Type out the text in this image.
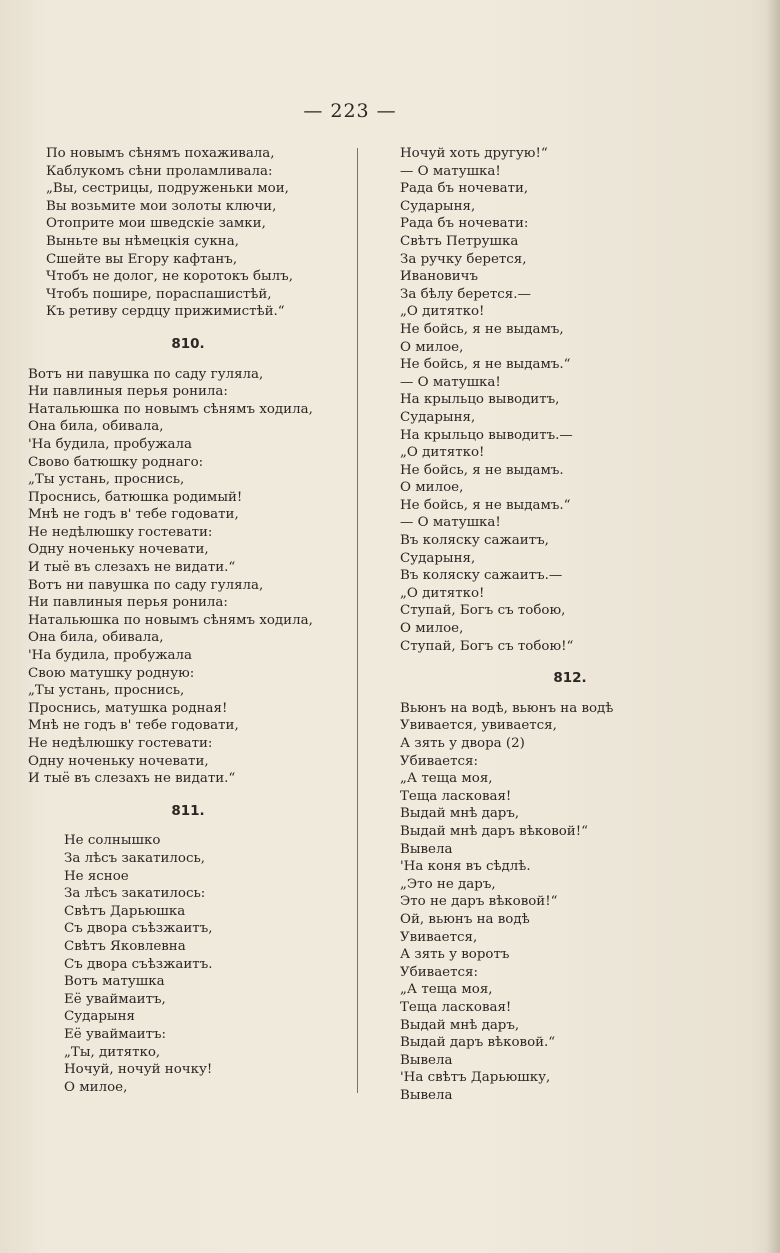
— 223 —
По новымъ сѣнямъ похаживала,
Каблукомъ сѣни проламливала:
„Вы, сестрицы, подруженьки мои,
Вы возьмите мои золоты ключи,
Отоприте мои шведскіе замки,
Выньте вы нѣмецкія сукна,
Сшейте вы Егору кафтанъ,
Чтобъ не долог, не коротокъ былъ,
Чтобъ пошире, пораспашистѣй,
Къ ретиву сердцу прижимистѣй.“
810.
Вотъ ни павушка по саду гуляла,
Ни павлиныя перья ронила:
Натальюшка по новымъ сѣнямъ ходила,
Она била, обивала,
'На будила, пробужала
Свово батюшку роднаго:
„Ты устань, проснись,
Проснись, батюшка родимый!
Мнѣ не годъ в' тебе годовати,
Не недѣлюшку гостевати:
Одну ноченьку ночевати,
И тыё въ слезахъ не видати.“
Вотъ ни павушка по саду гуляла,
Ни павлиныя перья ронила:
Натальюшка по новымъ сѣнямъ ходила,
Она била, обивала,
'На будила, пробужала
Свою матушку родную:
„Ты устань, проснись,
Проснись, матушка родная!
Мнѣ не годъ в' тебе годовати,
Не недѣлюшку гостевати:
Одну ноченьку ночевати,
И тыё въ слезахъ не видати.“
811.
Не солнышко
За лѣсъ закатилось,
Не ясное
За лѣсъ закатилось:
Свѣтъ Дарьюшка
Съ двора съѣзжаитъ,
Свѣтъ Яковлевна
Съ двора съѣзжаитъ.
Вотъ матушка
Её уваймаитъ,
Сударыня
Её уваймаитъ:
„Ты, дитятко,
Ночуй, ночуй ночку!
О милое,
Ночуй хоть другую!“
— О матушка!
Рада бъ ночевати,
Сударыня,
Рада бъ ночевати:
Свѣтъ Петрушка
За ручку берется,
Ивановичъ
За бѣлу берется.—
„О дитятко!
Не бойсь, я не выдамъ,
О милое,
Не бойсь, я не выдамъ.“
— О матушка!
На крыльцо выводитъ,
Сударыня,
На крыльцо выводитъ.—
„О дитятко!
Не бойсь, я не выдамъ.
О милое,
Не бойсь, я не выдамъ.“
— О матушка!
Въ коляску сажаитъ,
Сударыня,
Въ коляску сажаитъ.—
„О дитятко!
Ступай, Богъ съ тобою,
О милое,
Ступай, Богъ съ тобою!“
812.
Вьюнъ на водѣ, вьюнъ на водѣ
Увивается, увивается,
А зять у двора (2)
Убивается:
„А теща моя,
Теща ласковая!
Выдай мнѣ даръ,
Выдай мнѣ даръ вѣковой!“
Вывела
'На коня въ сѣдлѣ.
„Это не даръ,
Это не даръ вѣковой!“
Ой, вьюнъ на водѣ
Увивается,
А зять у воротъ
Убивается:
„А теща моя,
Теща ласковая!
Выдай мнѣ даръ,
Выдай даръ вѣковой.“
Вывела
'На свѣтъ Дарьюшку,
Вывела
